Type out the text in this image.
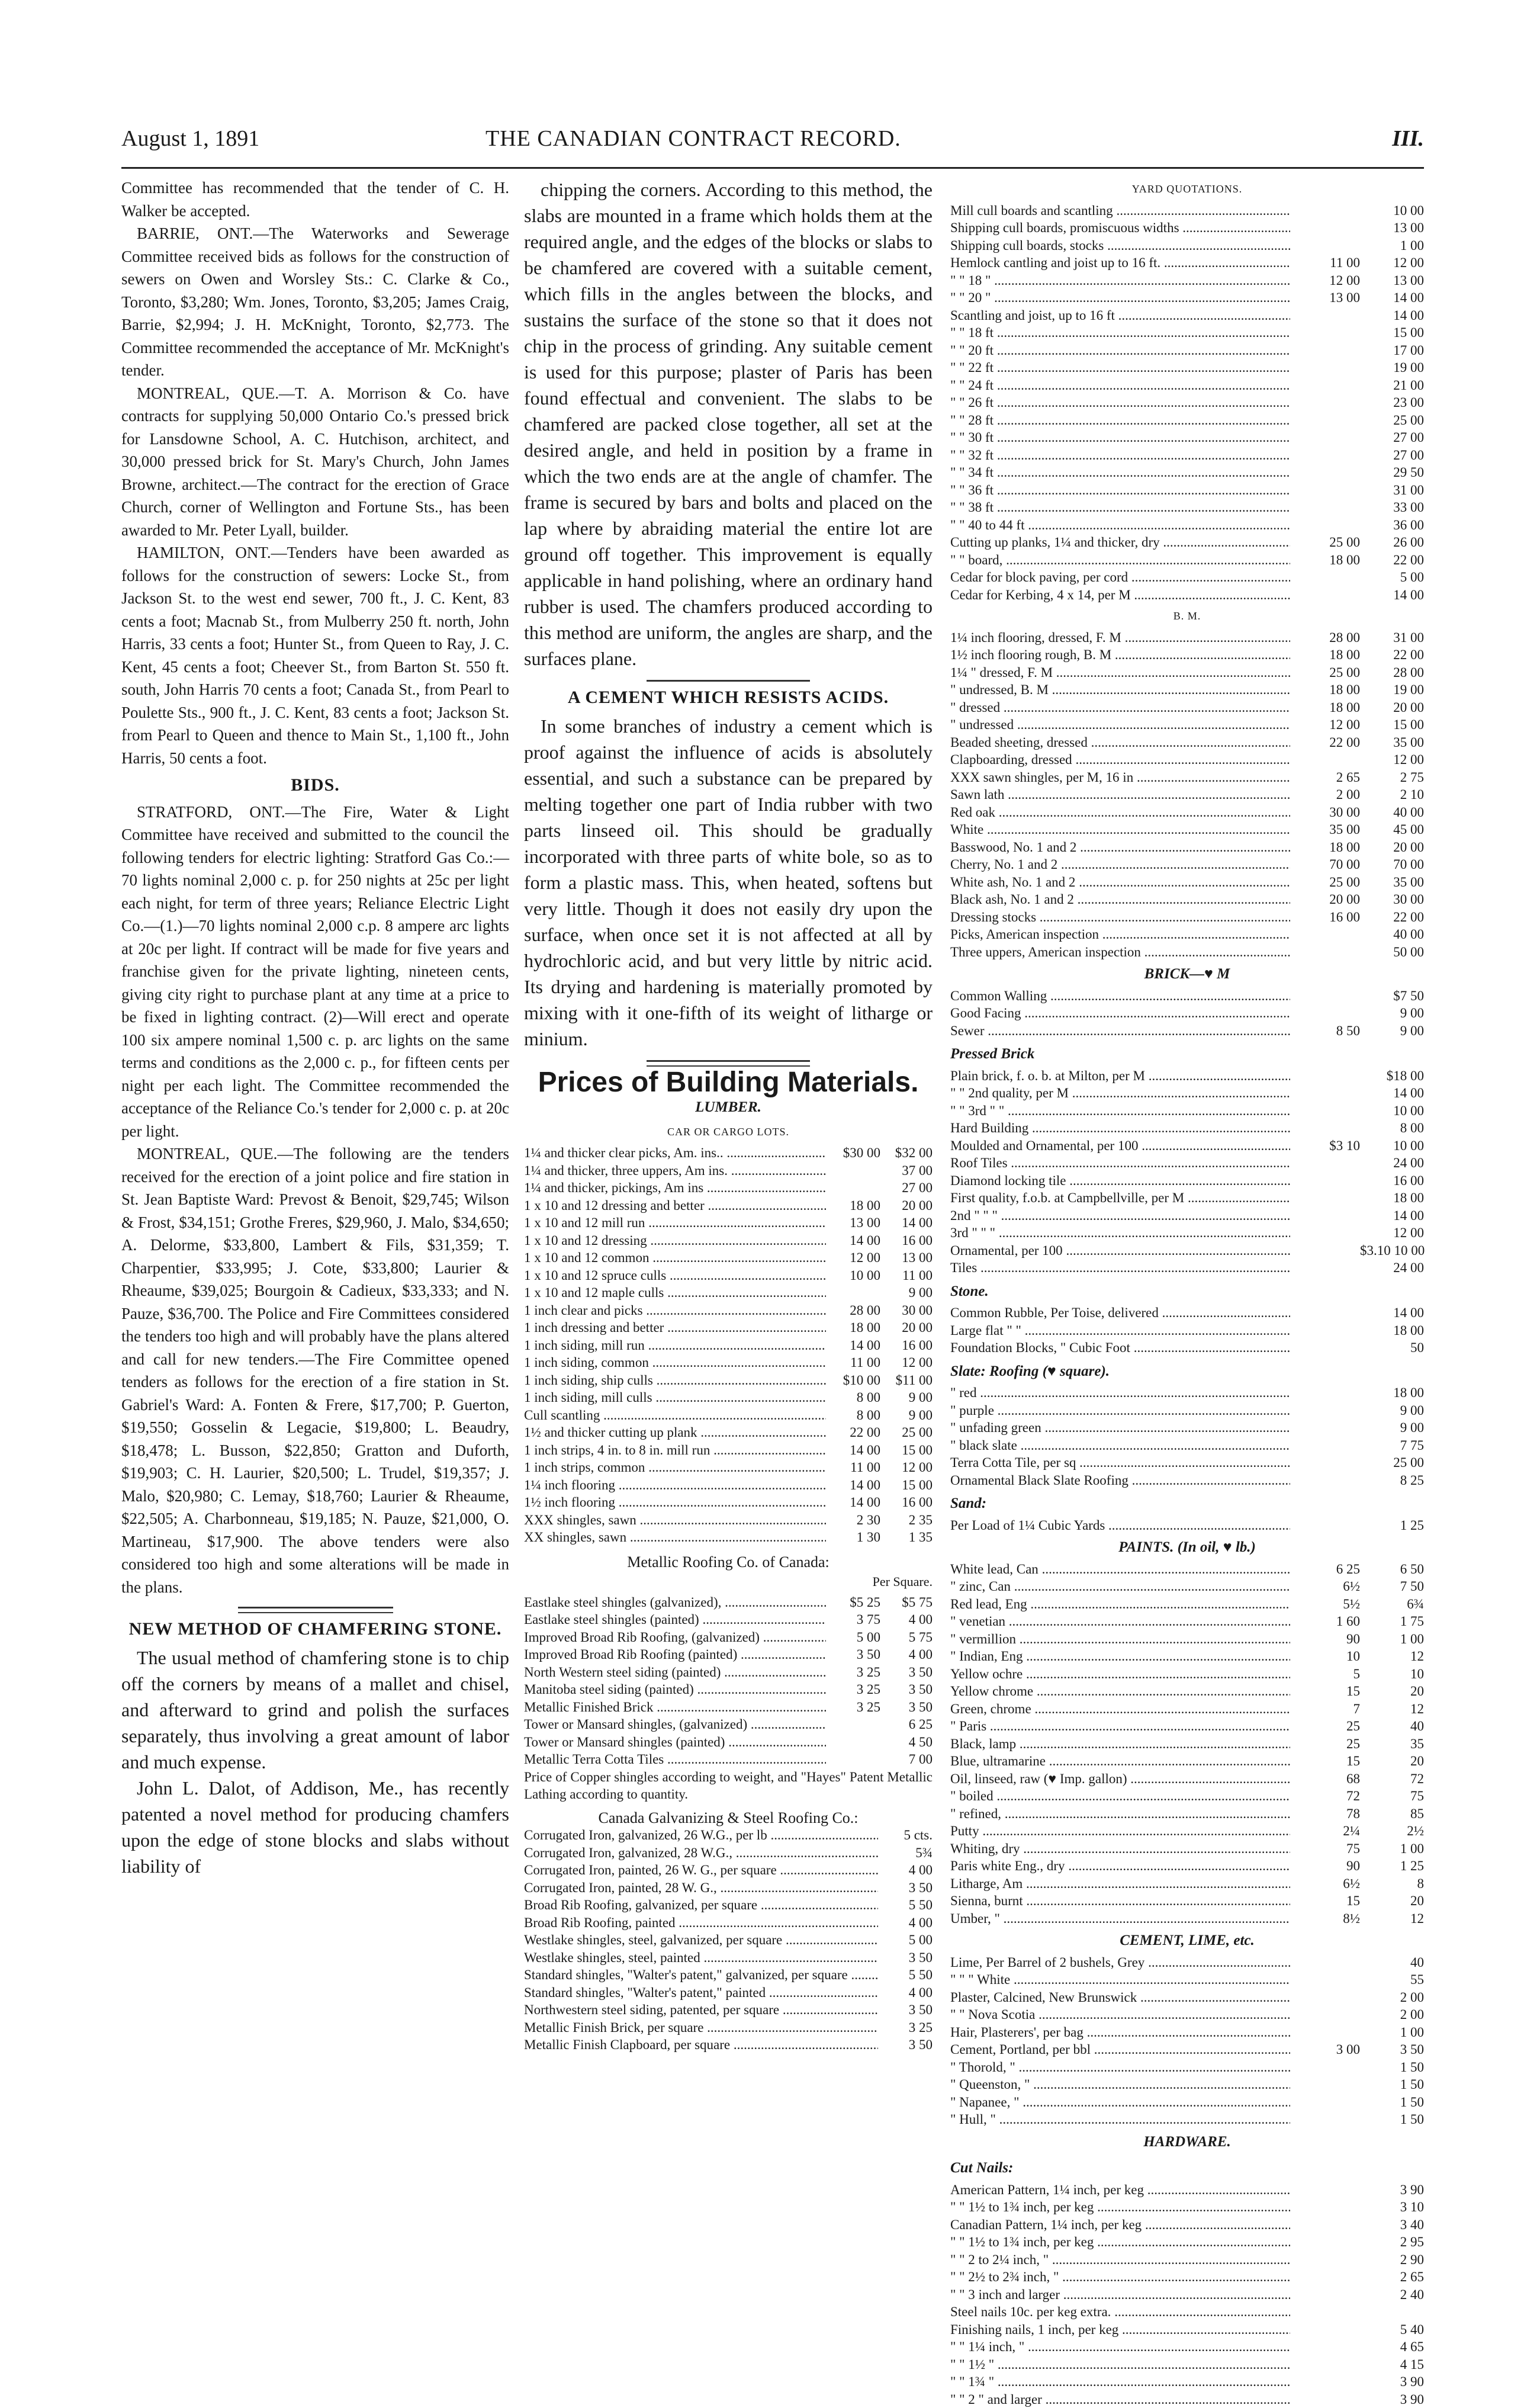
August 1, 1891	THE CANADIAN CONTRACT RECORD.	III.

Committee has recommended that the tender of C. H. Walker be accepted.

BARRIE, ONT.—The Waterworks and Sewerage Committee received bids as follows for the construction of sewers on Owen and Worsley Sts.: C. Clarke & Co., Toronto, $3,280; Wm. Jones, Toronto, $3,205; James Craig, Barrie, $2,994; J. H. McKnight, Toronto, $2,773. The Committee recommended the acceptance of Mr. McKnight's tender.

MONTREAL, QUE.—T. A. Morrison & Co. have contracts for supplying 50,000 Ontario Co.'s pressed brick for Lansdowne School, A. C. Hutchison, architect, and 30,000 pressed brick for St. Mary's Church, John James Browne, architect.—The contract for the erection of Grace Church, corner of Wellington and Fortune Sts., has been awarded to Mr. Peter Lyall, builder.

HAMILTON, ONT.—Tenders have been awarded as follows for the construction of sewers: Locke St., from Jackson St. to the west end sewer, 700 ft., J. C. Kent, 83 cents a foot; Macnab St., from Mulberry 250 ft. north, John Harris, 33 cents a foot; Hunter St., from Queen to Ray, J. C. Kent, 45 cents a foot; Cheever St., from Barton St. 550 ft. south, John Harris 70 cents a foot; Canada St., from Pearl to Poulette Sts., 900 ft., J. C. Kent, 83 cents a foot; Jackson St. from Pearl to Queen and thence to Main St., 1,100 ft., John Harris, 50 cents a foot.

BIDS.

STRATFORD, ONT.—The Fire, Water & Light Committee have received and submitted to the council the following tenders for electric lighting: Stratford Gas Co.:—70 lights nominal 2,000 c. p. for 250 nights at 25c per light each night, for term of three years; Reliance Electric Light Co.—(1.)—70 lights nominal 2,000 c.p. 8 ampere arc lights at 20c per light. If contract will be made for five years and franchise given for the private lighting, nineteen cents, giving city right to purchase plant at any time at a price to be fixed in lighting contract. (2)—Will erect and operate 100 six ampere nominal 1,500 c. p. arc lights on the same terms and conditions as the 2,000 c. p., for fifteen cents per night per each light. The Committee recommended the acceptance of the Reliance Co.'s tender for 2,000 c. p. at 20c per light.

MONTREAL, QUE.—The following are the tenders received for the erection of a joint police and fire station in St. Jean Baptiste Ward: Prevost & Benoit, $29,745; Wilson & Frost, $34,151; Grothe Freres, $29,960, J. Malo, $34,650; A. Delorme, $33,800, Lambert & Fils, $31,359; T. Charpentier, $33,995; J. Cote, $33,800; Laurier & Rheaume, $39,025; Bourgoin & Cadieux, $33,333; and N. Pauze, $36,700. The Police and Fire Committees considered the tenders too high and will probably have the plans altered and call for new tenders.—The Fire Committee opened tenders as follows for the erection of a fire station in St. Gabriel's Ward: A. Fonten & Frere, $17,700; P. Guerton, $19,550; Gosselin & Legacie, $19,800; L. Beaudry, $18,478; L. Busson, $22,850; Gratton and Duforth, $19,903; C. H. Laurier, $20,500; L. Trudel, $19,357; J. Malo, $20,980; C. Lemay, $18,760; Laurier & Rheaume, $22,505; A. Charbonneau, $19,185; N. Pauze, $21,000, O. Martineau, $17,900. The above tenders were also considered too high and some alterations will be made in the plans.

NEW METHOD OF CHAMFERING STONE.

The usual method of chamfering stone is to chip off the corners by means of a mallet and chisel, and afterward to grind and polish the surfaces separately, thus involving a great amount of labor and much expense.

John L. Dalot, of Addison, Me., has recently patented a novel method for producing chamfers upon the edge of stone blocks and slabs without liability of

chipping the corners. According to this method, the slabs are mounted in a frame which holds them at the required angle, and the edges of the blocks or slabs to be chamfered are covered with a suitable cement, which fills in the angles between the blocks, and sustains the surface of the stone so that it does not chip in the process of grinding. Any suitable cement is used for this purpose; plaster of Paris has been found effectual and convenient. The slabs to be chamfered are packed close together, all set at the desired angle, and held in position by a frame in which the two ends are at the angle of chamfer. The frame is secured by bars and bolts and placed on the lap where by abraiding material the entire lot are ground off together. This improvement is equally applicable in hand polishing, where an ordinary hand rubber is used. The chamfers produced according to this method are uniform, the angles are sharp, and the surfaces plane.

A CEMENT WHICH RESISTS ACIDS.

In some branches of industry a cement which is proof against the influence of acids is absolutely essential, and such a substance can be prepared by melting together one part of India rubber with two parts linseed oil. This should be gradually incorporated with three parts of white bole, so as to form a plastic mass. This, when heated, softens but very little. Though it does not easily dry upon the surface, when once set it is not affected at all by hydrochloric acid, and but very little by nitric acid. Its drying and hardening is materially promoted by mixing with it one-fifth of its weight of litharge or minium.

Prices of Building Materials.
LUMBER.
CAR OR CARGO LOTS.
1¼ and thicker clear picks, Am. ins.. .....	$30 00	$32 00
1¼ and thicker, three uppers, Am ins. .....	37 00
1¼ and thicker, pickings, Am ins .....	27 00
1 x 10 and 12 dressing and better .....	18 00	20 00
1 x 10 and 12 mill run .....	13 00	14 00
1 x 10 and 12 dressing .....	14 00	16 00
1 x 10 and 12 common .....	12 00	13 00
1 x 10 and 12 spruce culls .....	10 00	11 00
1 x 10 and 12 maple culls .....	9 00
1 inch clear and picks .....	28 00	30 00
1 inch dressing and better .....	18 00	20 00
1 inch siding, mill run .....	14 00	16 00
1 inch siding, common .....	11 00	12 00
1 inch siding, ship culls .....	$10 00	$11 00
1 inch siding, mill culls .....	8 00	9 00
Cull scantling .....	8 00	9 00
1½ and thicker cutting up plank .....	22 00	25 00
1 inch strips, 4 in. to 8 in. mill run .....	14 00	15 00
1 inch strips, common .....	11 00	12 00
1¼ inch flooring .....	14 00	15 00
1½ inch flooring .....	14 00	16 00
XXX shingles, sawn .....	2 30	2 35
XX shingles, sawn .....	1 30	1 35
Metallic Roofing Co. of Canada:
Per Square.
Eastlake steel shingles (galvanized), .....	$5 25	$5 75
Eastlake steel shingles (painted) .....	3 75	4 00
Improved Broad Rib Roofing, (galvanized) .....	5 00	5 75
Improved Broad Rib Roofing (painted) .....	3 50	4 00
North Western steel siding (painted) .....	3 25	3 50
Manitoba steel siding (painted) .....	3 25	3 50
Metallic Finished Brick .....	3 25	3 50
Tower or Mansard shingles, (galvanized) .....	6 25
Tower or Mansard shingles (painted) .....	4 50
Metallic Terra Cotta Tiles .....	7 00
Price of Copper shingles according to weight, and "Hayes" Patent Metallic Lathing according to quantity.
Canada Galvanizing & Steel Roofing Co.:
Corrugated Iron, galvanized, 26 W.G., per lb .....	5 cts.
Corrugated Iron, galvanized, 28 W.G., .....	5¾
Corrugated Iron, painted, 26 W. G., per square .....	4 00
Corrugated Iron, painted, 28 W. G., .....	3 50
Broad Rib Roofing, galvanized, per square .....	5 50
Broad Rib Roofing, painted .....	4 00
Westlake shingles, steel, galvanized, per square .....	5 00
Westlake shingles, steel, painted .....	3 50
Standard shingles, "Walter's patent," galvanized, per square .....	5 50
Standard shingles, "Walter's patent," painted .....	4 00
Northwestern steel siding, patented, per square .....	3 50
Metallic Finish Brick, per square .....	3 25
Metallic Finish Clapboard, per square .....	3 50
YARD QUOTATIONS.
Mill cull boards and scantling .....	10 00
Shipping cull boards, promiscuous widths .....	13 00
Shipping cull boards, stocks .....	1 00
Hemlock cantling and joist up to 16 ft. .....	11 00	12 00
" " 18 " .....	12 00	13 00
" " 20 " .....	13 00	14 00
Scantling and joist, up to 16 ft .....	14 00
" " 18 ft .....	15 00
" " 20 ft .....	17 00
" " 22 ft .....	19 00
" " 24 ft .....	21 00
" " 26 ft .....	23 00
" " 28 ft .....	25 00
" " 30 ft .....	27 00
" " 32 ft .....	27 00
" " 34 ft .....	29 50
" " 36 ft .....	31 00
" " 38 ft .....	33 00
" " 40 to 44 ft .....	36 00
Cutting up planks, 1¼ and thicker, dry .....	25 00	26 00
" " board, .....	18 00	22 00
Cedar for block paving, per cord .....	5 00
Cedar for Kerbing, 4 x 14, per M .....	14 00
B. M.
1¼ inch flooring, dressed, F. M .....	28 00	31 00
1½ inch flooring rough, B. M .....	18 00	22 00
1¼ " dressed, F. M .....	25 00	28 00
" undressed, B. M .....	18 00	19 00
" dressed .....	18 00	20 00
" undressed .....	12 00	15 00
Beaded sheeting, dressed .....	22 00	35 00
Clapboarding, dressed .....	12 00
XXX sawn shingles, per M, 16 in .....	2 65	2 75
Sawn lath .....	2 00	2 10
Red oak .....	30 00	40 00
White .....	35 00	45 00
Basswood, No. 1 and 2 .....	18 00	20 00
Cherry, No. 1 and 2 .....	70 00	70 00
White ash, No. 1 and 2 .....	25 00	35 00
Black ash, No. 1 and 2 .....	20 00	30 00
Dressing stocks .....	16 00	22 00
Picks, American inspection .....	40 00
Three uppers, American inspection .....	50 00
BRICK—♥ M
Common Walling .....	$7 50
Good Facing .....	9 00
Sewer .....	8 50	9 00
Pressed Brick
Plain brick, f. o. b. at Milton, per M .....	$18 00
" " 2nd quality, per M .....	14 00
" " 3rd " " .....	10 00
Hard Building .....	8 00
Moulded and Ornamental, per 100 .....	$3 10	10 00
Roof Tiles .....	24 00
Diamond locking tile .....	16 00
First quality, f.o.b. at Campbellville, per M .....	18 00
2nd " " " .....	14 00
3rd " " " .....	12 00
Ornamental, per 100 .....	$3.10 10 00
Tiles .....	24 00
Stone.
Common Rubble, Per Toise, delivered .....	14 00
Large flat " " .....	18 00
Foundation Blocks, " Cubic Foot .....	50
Slate: Roofing (♥ square).
" red .....	18 00
" purple .....	9 00
" unfading green .....	9 00
" black slate .....	7 75
Terra Cotta Tile, per sq .....	25 00
Ornamental Black Slate Roofing .....	8 25
Sand:
Per Load of 1¼ Cubic Yards .....	1 25
PAINTS. (In oil, ♥ lb.)
White lead, Can .....	6 25	6 50
" zinc, Can .....	6½	7 50
Red lead, Eng .....	5½	6¾
" venetian .....	1 60	1 75
" vermillion .....	90	1 00
" Indian, Eng .....	10	12
Yellow ochre .....	5	10
Yellow chrome .....	15	20
Green, chrome .....	7	12
" Paris .....	25	40
Black, lamp .....	25	35
Blue, ultramarine .....	15	20
Oil, linseed, raw (♥ Imp. gallon) .....	68	72
" boiled .....	72	75
" refined, .....	78	85
Putty .....	2¼	2½
Whiting, dry .....	75	1 00
Paris white Eng., dry .....	90	1 25
Litharge, Am .....	6½	8
Sienna, burnt .....	15	20
Umber, " .....	8½	12
CEMENT, LIME, etc.
Lime, Per Barrel of 2 bushels, Grey .....	40
" " " White .....	55
Plaster, Calcined, New Brunswick .....	2 00
" " Nova Scotia .....	2 00
Hair, Plasterers', per bag .....	1 00
Cement, Portland, per bbl .....	3 00	3 50
" Thorold, " .....	1 50
" Queenston, " .....	1 50
" Napanee, " .....	1 50
" Hull, " .....	1 50
HARDWARE.
Cut Nails:
American Pattern, 1¼ inch, per keg .....	3 90
" " 1½ to 1¾ inch, per keg .....	3 10
Canadian Pattern, 1¼ inch, per keg .....	3 40
" " 1½ to 1¾ inch, per keg .....	2 95
" " 2 to 2¼ inch, " .....	2 90
" " 2½ to 2¾ inch, " .....	2 65
" " 3 inch and larger .....	2 40
Steel nails 10c. per keg extra. .....
Finishing nails, 1 inch, per keg .....	5 40
" " 1¼ inch, " .....	4 65
" " 1½ " .....	4 15
" " 1¾ " .....	3 90
" " 2 " and larger .....	3 90
